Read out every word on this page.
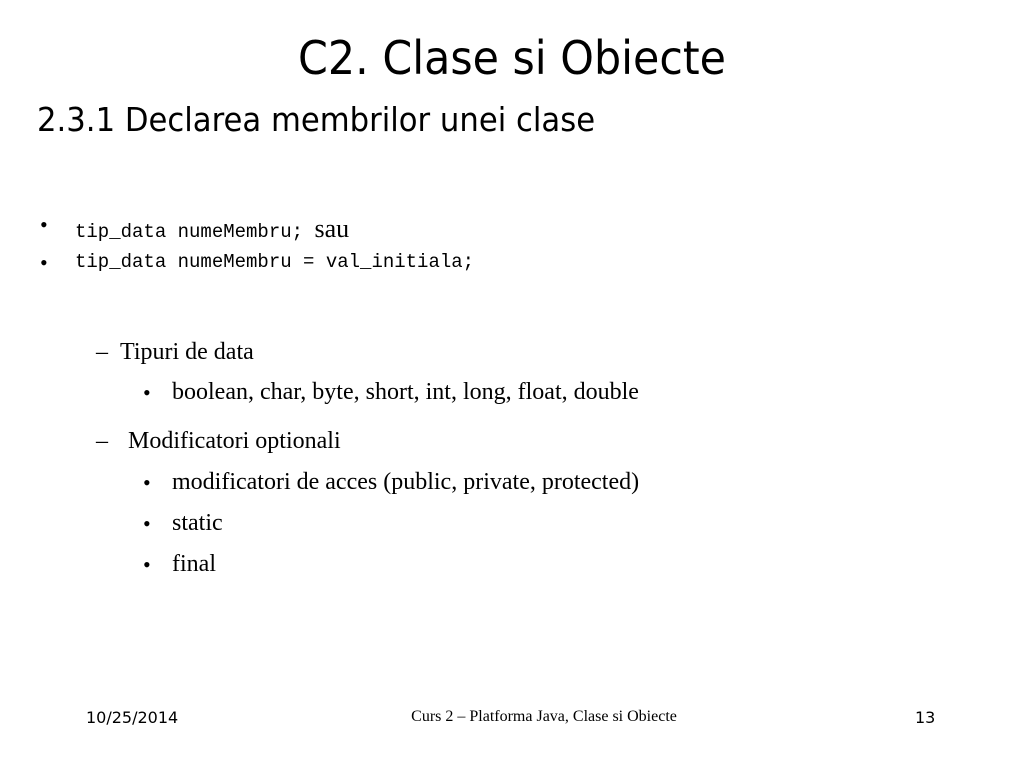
C2. Clase si Obiecte
2.3.1 Declarea membrilor unei clase
• tip_data numeMembru; sau
• tip_data numeMembru = val_initiala;
– Tipuri de data
• boolean, char, byte, short, int, long, float, double
– Modificatori optionali
• modificatori de acces (public, private, protected)
• static
• final
10/25/2014	Curs 2 – Platforma Java, Clase si Obiecte	13
